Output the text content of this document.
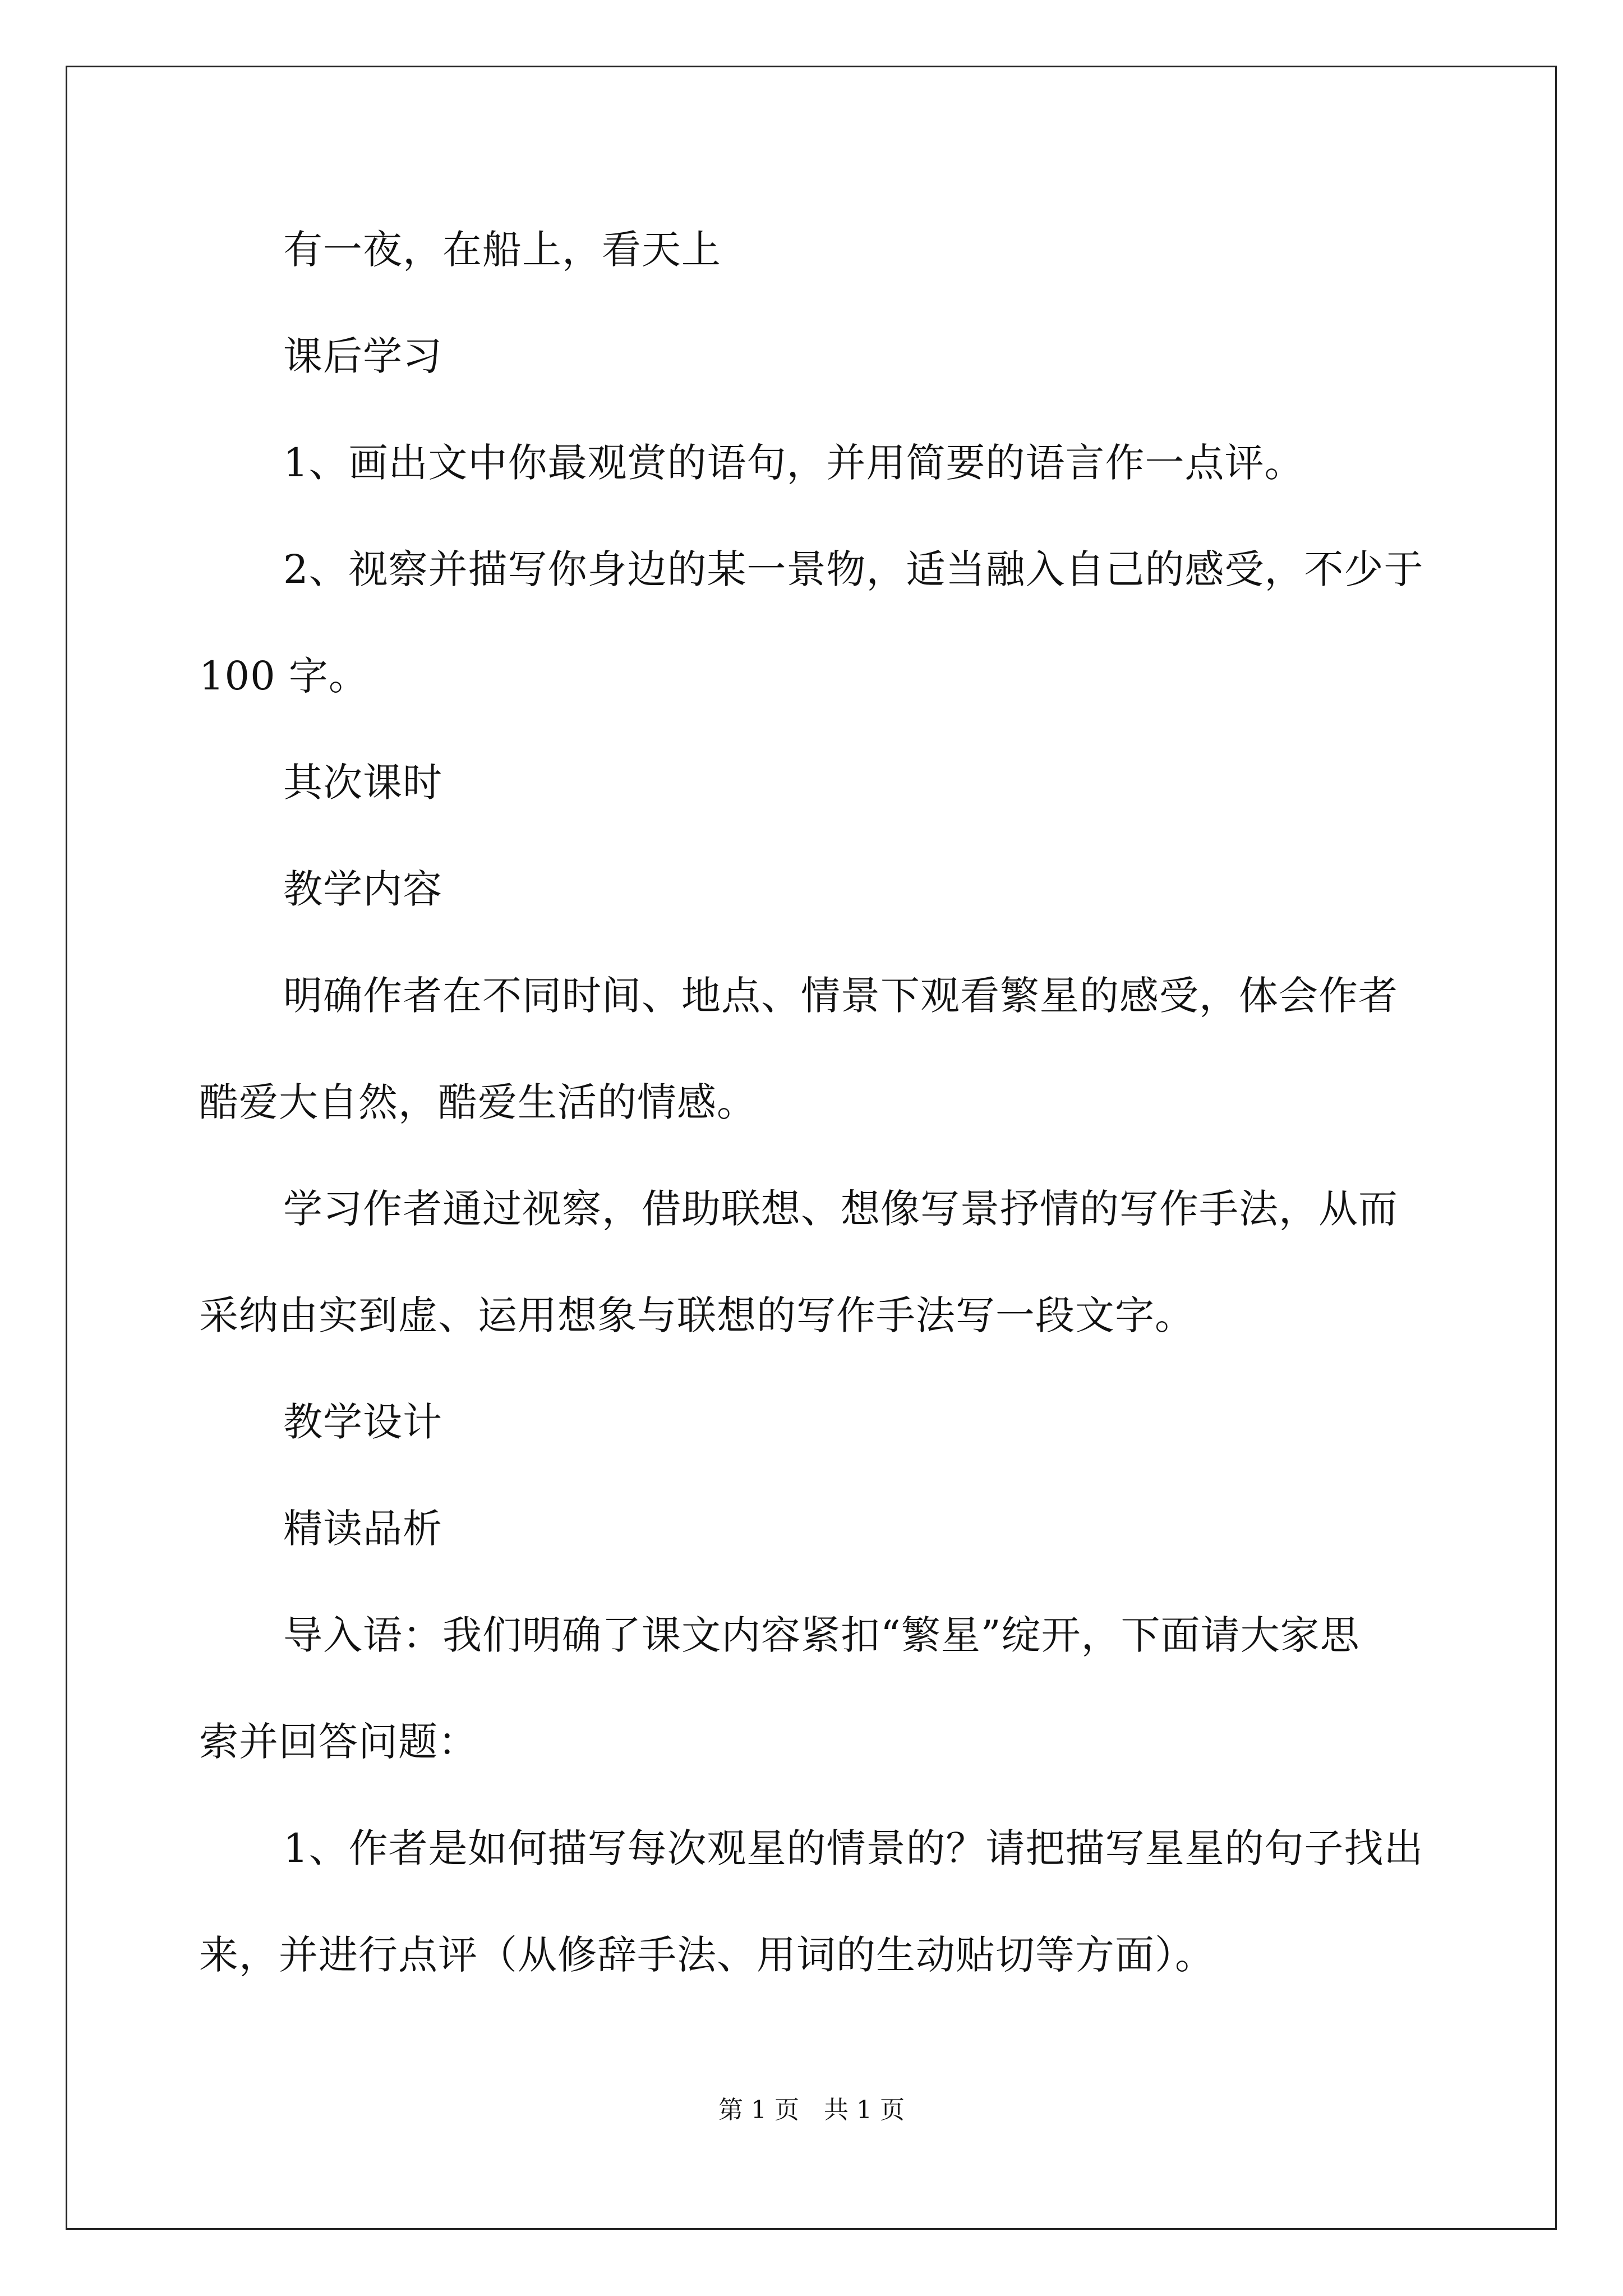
有一夜，在船上，看天上
课后学习
1、画出文中你最观赏的语句，并用简要的语言作一点评。
2、视察并描写你身边的某一景物，适当融入自己的感受，不少于
100 字。
其次课时
教学内容
明确作者在不同时间、地点、情景下观看繁星的感受，体会作者
酷爱大自然，酷爱生活的情感。
学习作者通过视察，借助联想、想像写景抒情的写作手法，从而
采纳由实到虚、运用想象与联想的写作手法写一段文字。
教学设计
精读品析
导入语：我们明确了课文内容紧扣“繁星”绽开，下面请大家思
索并回答问题：
1、作者是如何描写每次观星的情景的？请把描写星星的句子找出
来，并进行点评（从修辞手法、用词的生动贴切等方面）。
第 1 页　共 1 页
